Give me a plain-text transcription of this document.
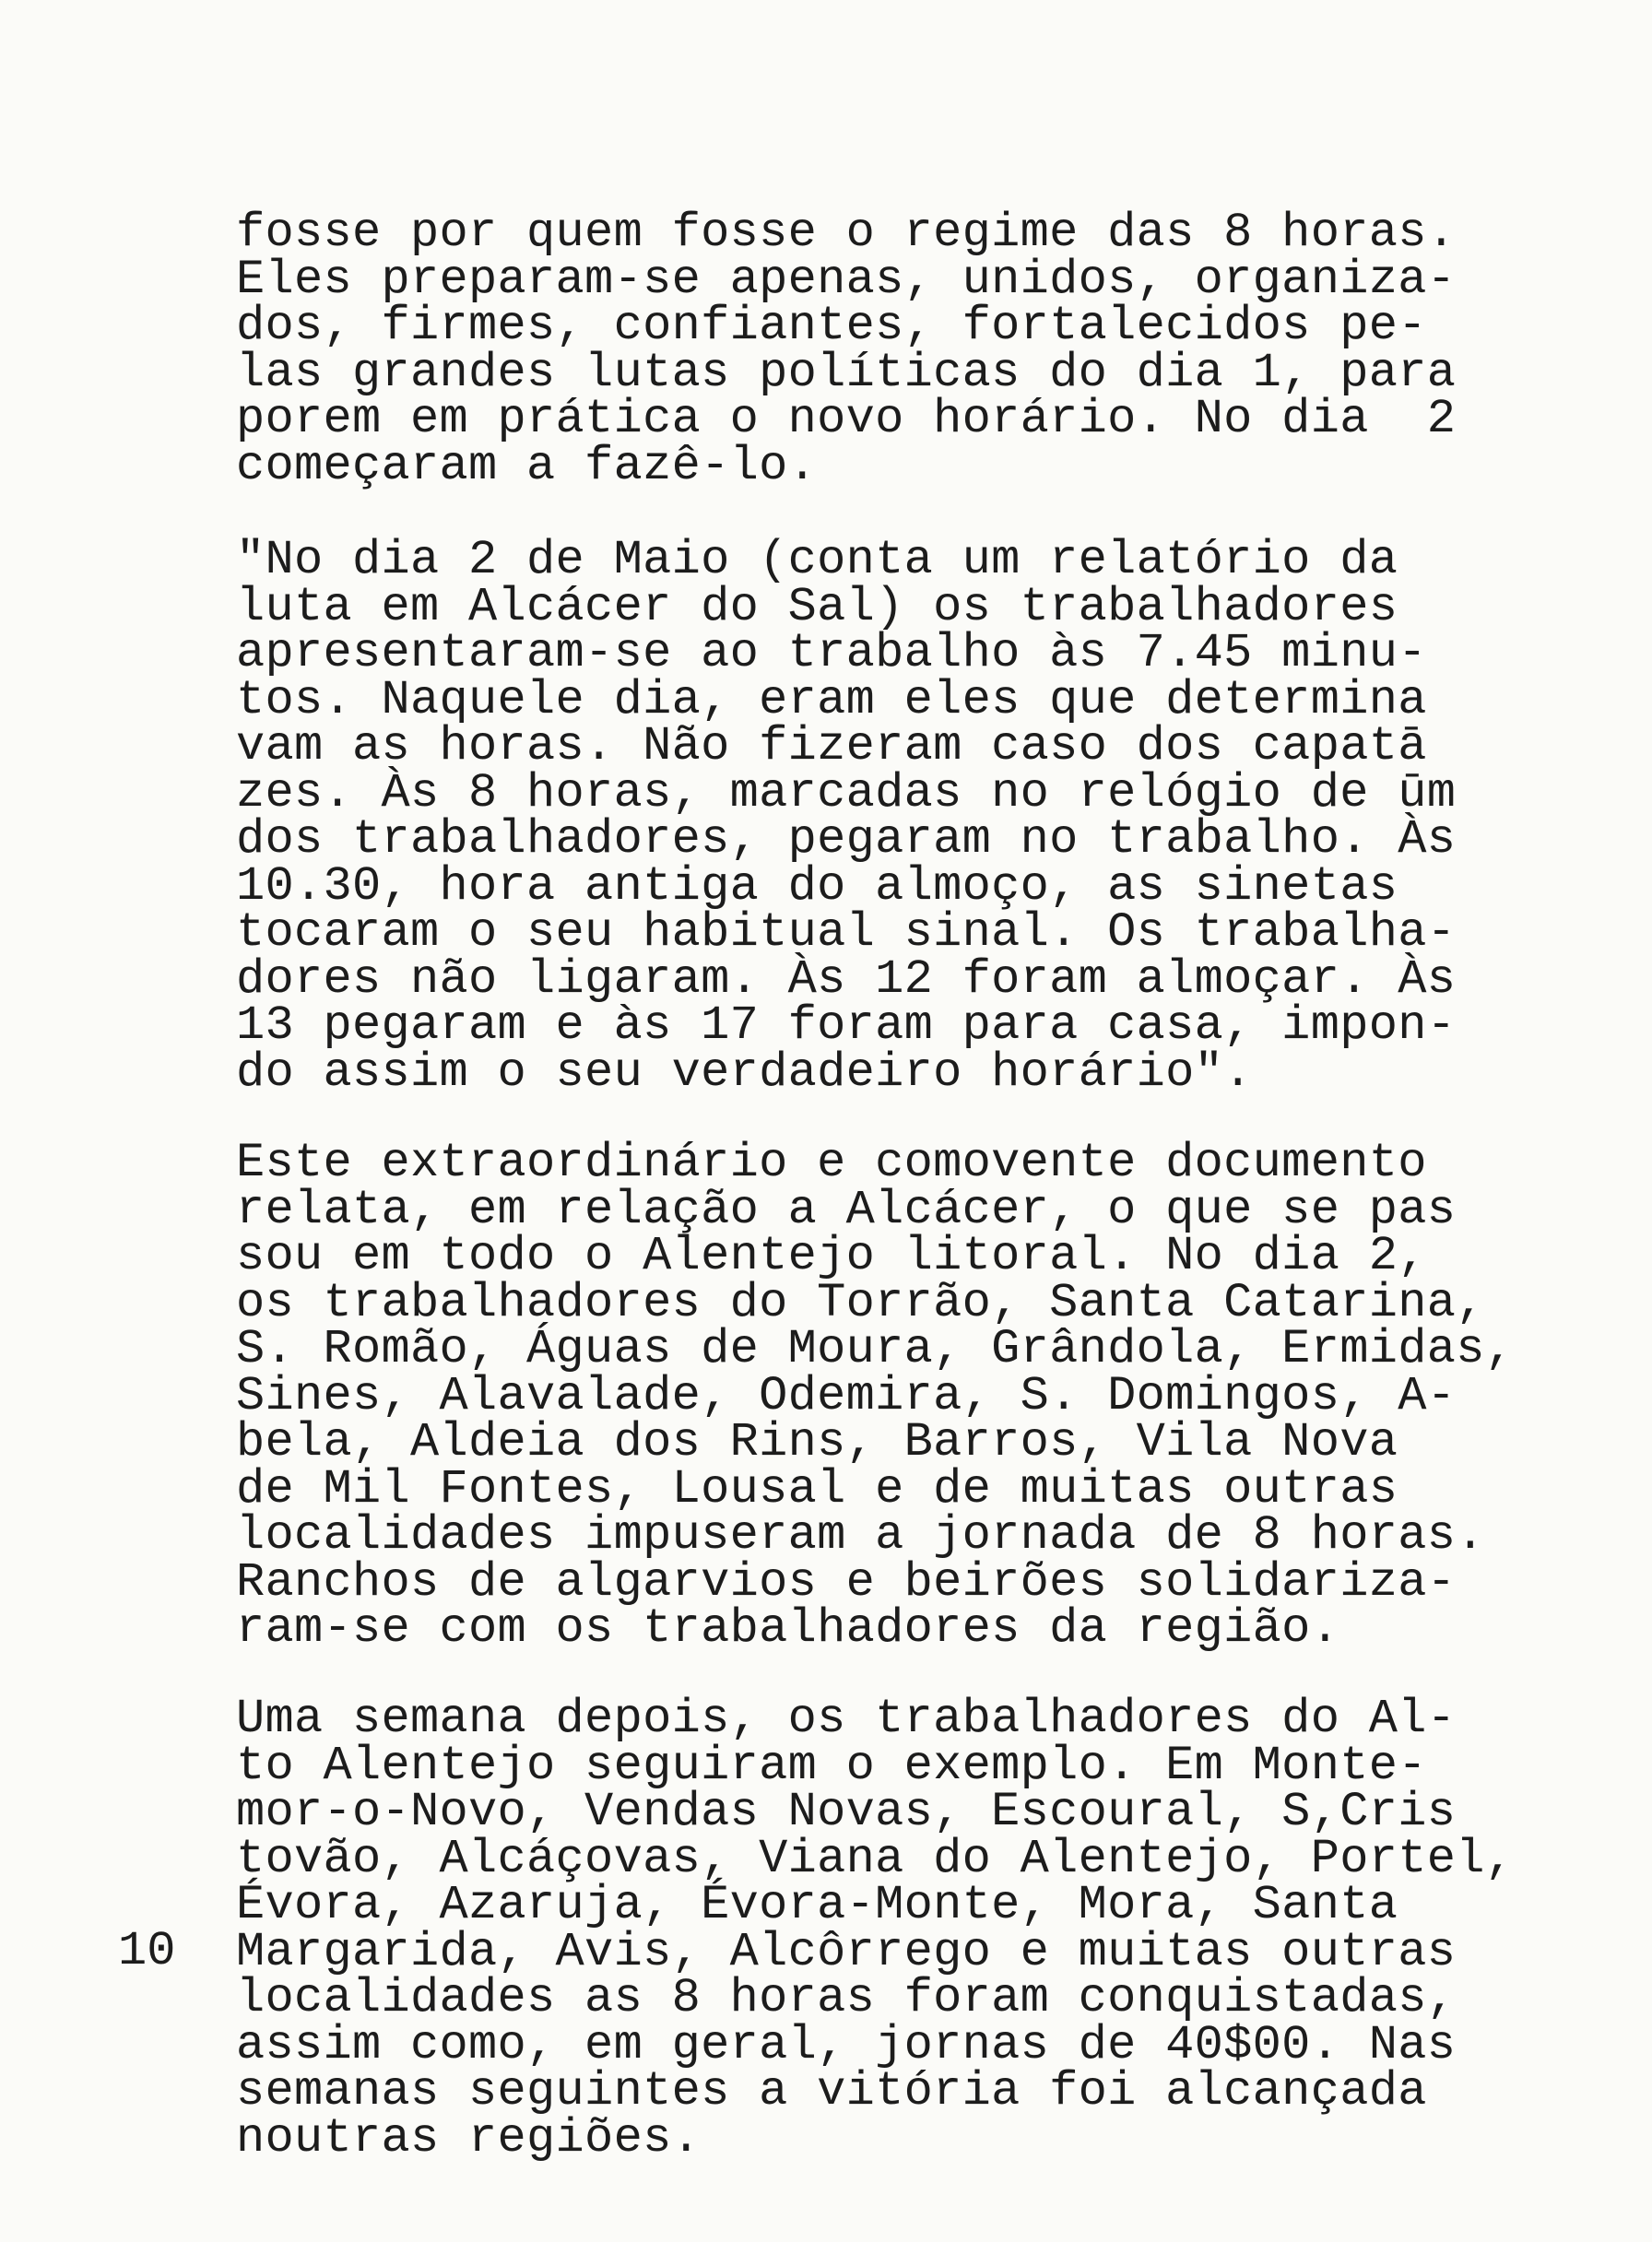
fosse por quem fosse o regime das 8 horas.
Eles preparam-se apenas, unidos, organiza-
dos, firmes, confiantes, fortalecidos pe-
las grandes lutas políticas do dia 1, para
porem em prática o novo horário. No dia  2
começaram a fazê-lo.
"No dia 2 de Maio (conta um relatório da
luta em Alcácer do Sal) os trabalhadores
apresentaram-se ao trabalho às 7.45 minu-
tos. Naquele dia, eram eles que determina
vam as horas. Não fizeram caso dos capatā
zes. Às 8 horas, marcadas no relógio de ūm
dos trabalhadores, pegaram no trabalho. Às
10.30, hora antiga do almoço, as sinetas
tocaram o seu habitual sinal. Os trabalha-
dores não ligaram. Às 12 foram almoçar. Às
13 pegaram e às 17 foram para casa, impon-
do assim o seu verdadeiro horário".
Este extraordinário e comovente documento
relata, em relação a Alcácer, o que se pas
sou em todo o Alentejo litoral. No dia 2,
os trabalhadores do Torrão, Santa Catarina,
S. Romão, Águas de Moura, Grândola, Ermidas,
Sines, Alavalade, Odemira, S. Domingos, A-
bela, Aldeia dos Rins, Barros, Vila Nova
de Mil Fontes, Lousal e de muitas outras
localidades impuseram a jornada de 8 horas.
Ranchos de algarvios e beirões solidariza-
ram-se com os trabalhadores da região.
Uma semana depois, os trabalhadores do Al-
to Alentejo seguiram o exemplo. Em Monte-
mor-o-Novo, Vendas Novas, Escoural, S,Cris
tovão, Alcáçovas, Viana do Alentejo, Portel,
Évora, Azaruja, Évora-Monte, Mora, Santa
Margarida, Avis, Alcôrrego e muitas outras
localidades as 8 horas foram conquistadas,
assim como, em geral, jornas de 40$00. Nas
semanas seguintes a vitória foi alcançada
noutras regiões.
10
